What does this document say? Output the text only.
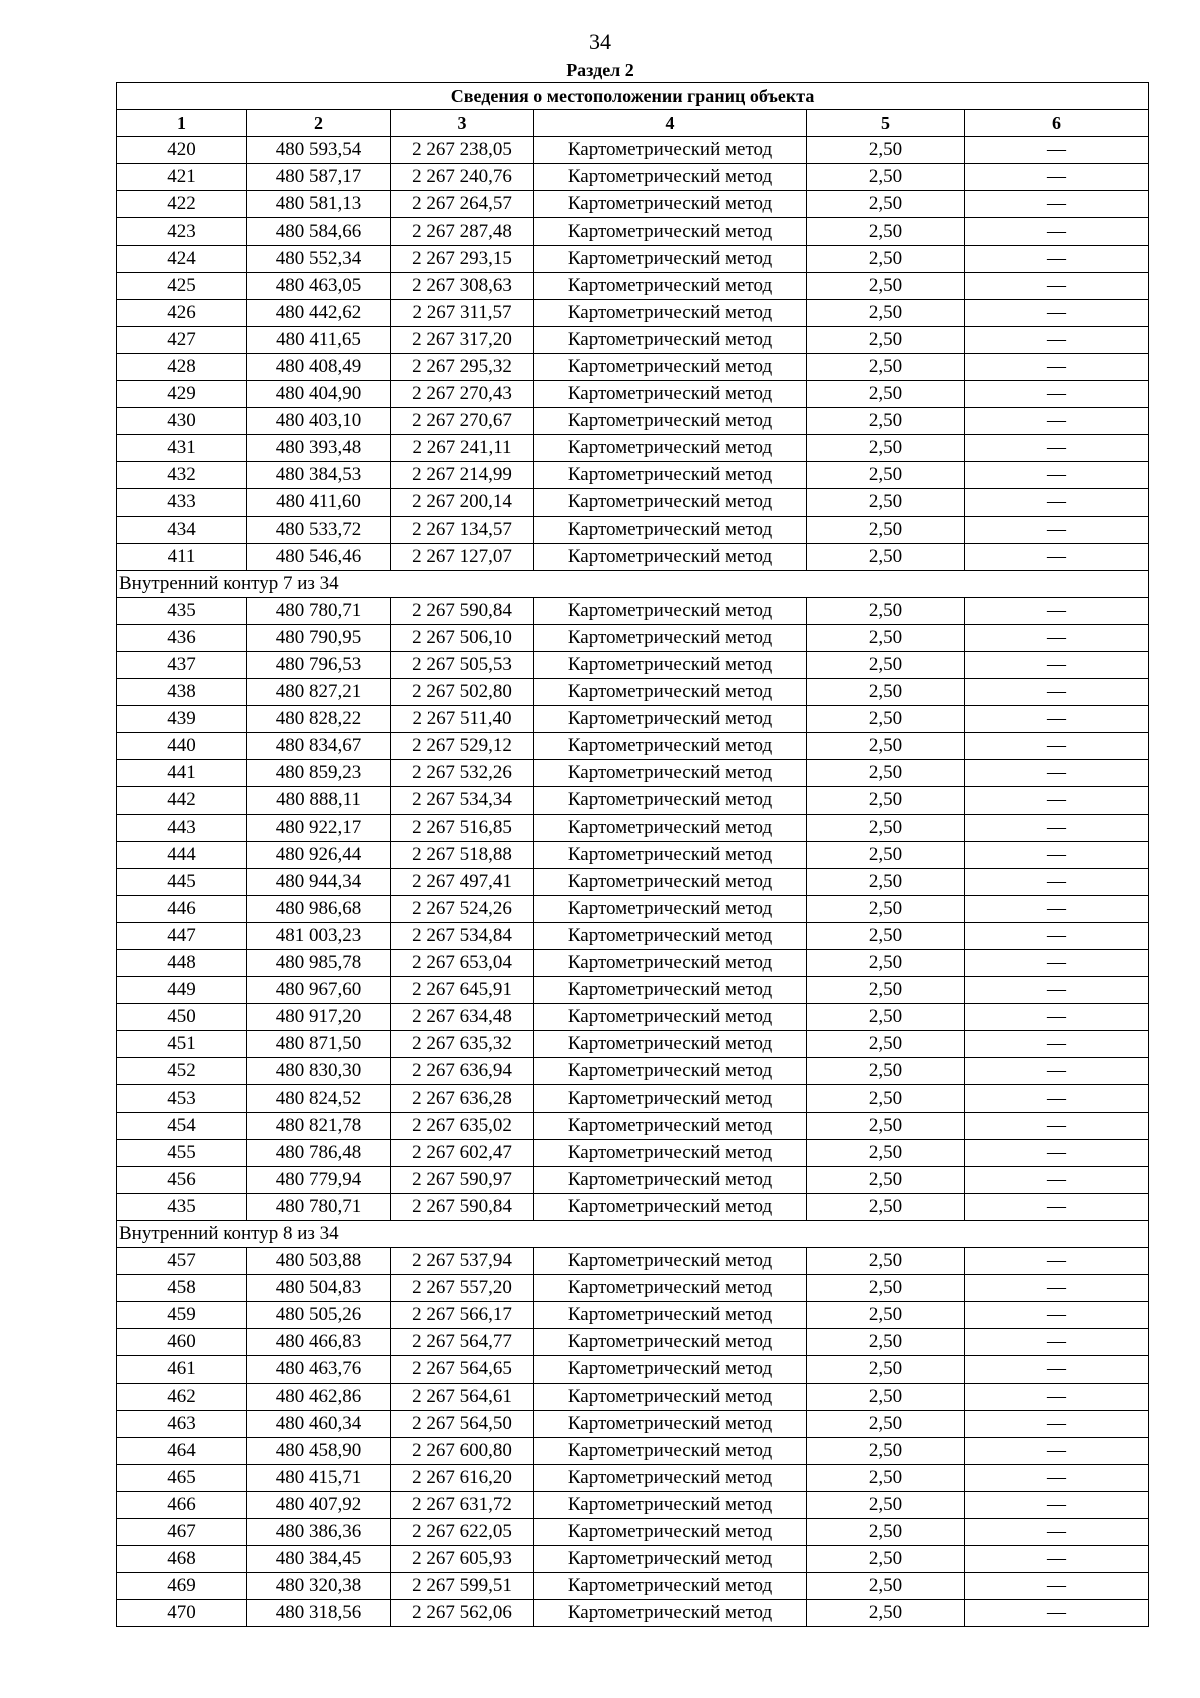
34
Раздел 2
Сведения о местоположении границ объекта					
1	2	3	4	5	6
420	480 593,54	2 267 238,05	Картометрический метод	2,50	—
421	480 587,17	2 267 240,76	Картометрический метод	2,50	—
422	480 581,13	2 267 264,57	Картометрический метод	2,50	—
423	480 584,66	2 267 287,48	Картометрический метод	2,50	—
424	480 552,34	2 267 293,15	Картометрический метод	2,50	—
425	480 463,05	2 267 308,63	Картометрический метод	2,50	—
426	480 442,62	2 267 311,57	Картометрический метод	2,50	—
427	480 411,65	2 267 317,20	Картометрический метод	2,50	—
428	480 408,49	2 267 295,32	Картометрический метод	2,50	—
429	480 404,90	2 267 270,43	Картометрический метод	2,50	—
430	480 403,10	2 267 270,67	Картометрический метод	2,50	—
431	480 393,48	2 267 241,11	Картометрический метод	2,50	—
432	480 384,53	2 267 214,99	Картометрический метод	2,50	—
433	480 411,60	2 267 200,14	Картометрический метод	2,50	—
434	480 533,72	2 267 134,57	Картометрический метод	2,50	—
411	480 546,46	2 267 127,07	Картометрический метод	2,50	—
Внутренний контур 7 из 34					
435	480 780,71	2 267 590,84	Картометрический метод	2,50	—
436	480 790,95	2 267 506,10	Картометрический метод	2,50	—
437	480 796,53	2 267 505,53	Картометрический метод	2,50	—
438	480 827,21	2 267 502,80	Картометрический метод	2,50	—
439	480 828,22	2 267 511,40	Картометрический метод	2,50	—
440	480 834,67	2 267 529,12	Картометрический метод	2,50	—
441	480 859,23	2 267 532,26	Картометрический метод	2,50	—
442	480 888,11	2 267 534,34	Картометрический метод	2,50	—
443	480 922,17	2 267 516,85	Картометрический метод	2,50	—
444	480 926,44	2 267 518,88	Картометрический метод	2,50	—
445	480 944,34	2 267 497,41	Картометрический метод	2,50	—
446	480 986,68	2 267 524,26	Картометрический метод	2,50	—
447	481 003,23	2 267 534,84	Картометрический метод	2,50	—
448	480 985,78	2 267 653,04	Картометрический метод	2,50	—
449	480 967,60	2 267 645,91	Картометрический метод	2,50	—
450	480 917,20	2 267 634,48	Картометрический метод	2,50	—
451	480 871,50	2 267 635,32	Картометрический метод	2,50	—
452	480 830,30	2 267 636,94	Картометрический метод	2,50	—
453	480 824,52	2 267 636,28	Картометрический метод	2,50	—
454	480 821,78	2 267 635,02	Картометрический метод	2,50	—
455	480 786,48	2 267 602,47	Картометрический метод	2,50	—
456	480 779,94	2 267 590,97	Картометрический метод	2,50	—
435	480 780,71	2 267 590,84	Картометрический метод	2,50	—
Внутренний контур 8 из 34					
457	480 503,88	2 267 537,94	Картометрический метод	2,50	—
458	480 504,83	2 267 557,20	Картометрический метод	2,50	—
459	480 505,26	2 267 566,17	Картометрический метод	2,50	—
460	480 466,83	2 267 564,77	Картометрический метод	2,50	—
461	480 463,76	2 267 564,65	Картометрический метод	2,50	—
462	480 462,86	2 267 564,61	Картометрический метод	2,50	—
463	480 460,34	2 267 564,50	Картометрический метод	2,50	—
464	480 458,90	2 267 600,80	Картометрический метод	2,50	—
465	480 415,71	2 267 616,20	Картометрический метод	2,50	—
466	480 407,92	2 267 631,72	Картометрический метод	2,50	—
467	480 386,36	2 267 622,05	Картометрический метод	2,50	—
468	480 384,45	2 267 605,93	Картометрический метод	2,50	—
469	480 320,38	2 267 599,51	Картометрический метод	2,50	—
470	480 318,56	2 267 562,06	Картометрический метод	2,50	—
